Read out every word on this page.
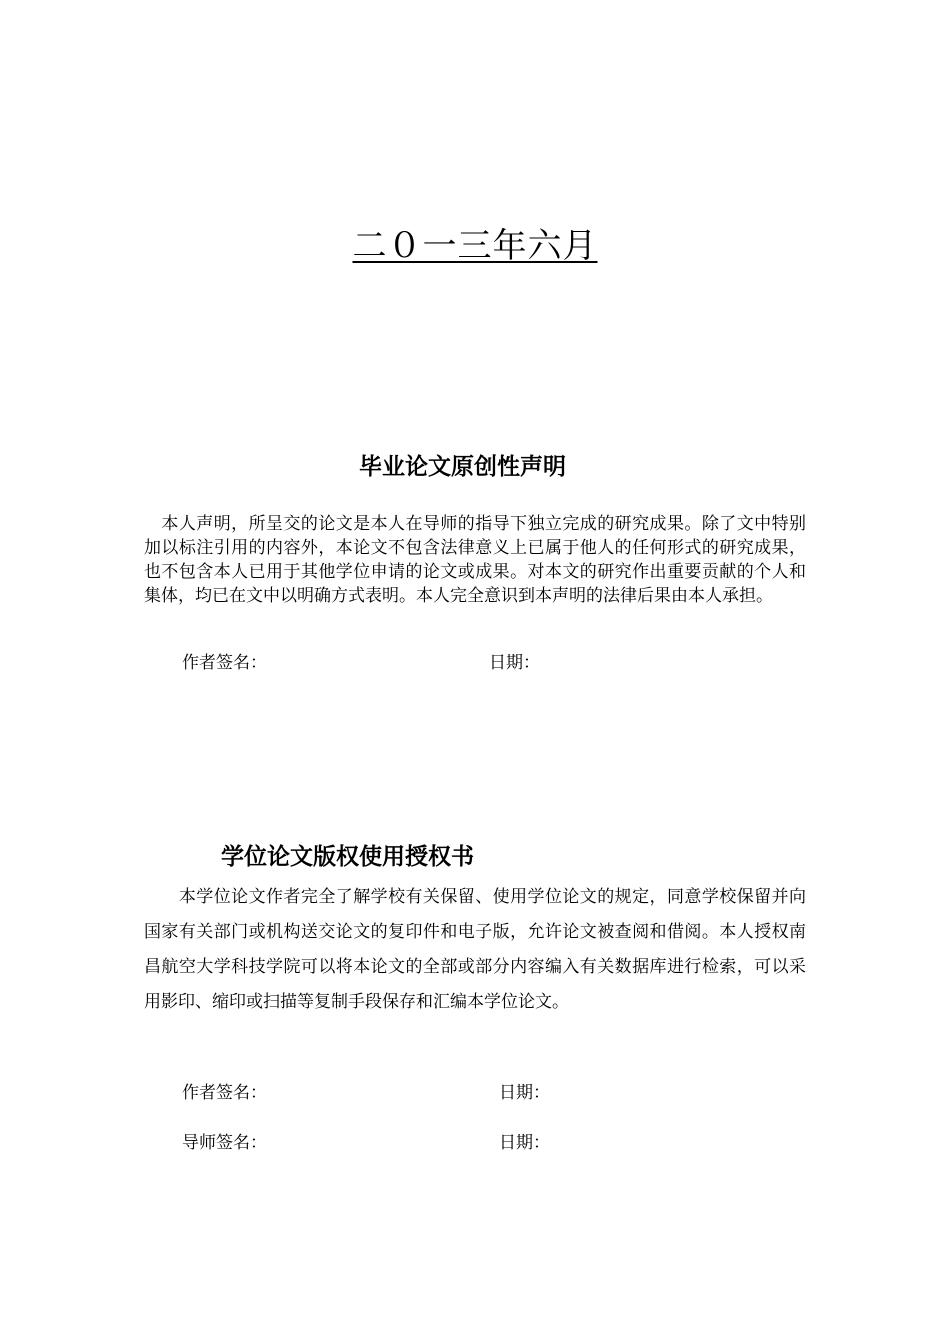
二０一三年六月
毕业论文原创性声明

　本人声明，所呈交的论文是本人在导师的指导下独立完成的研究成果。除了文中特别加以标注引用的内容外，本论文不包含法律意义上已属于他人的任何形式的研究成果，也不包含本人已用于其他学位申请的论文或成果。对本文的研究作出重要贡献的个人和集体，均已在文中以明确方式表明。本人完全意识到本声明的法律后果由本人承担。

作者签名：	日期：
学位论文版权使用授权书

　　本学位论文作者完全了解学校有关保留、使用学位论文的规定，同意学校保留并向国家有关部门或机构送交论文的复印件和电子版，允许论文被查阅和借阅。本人授权南昌航空大学科技学院可以将本论文的全部或部分内容编入有关数据库进行检索，可以采用影印、缩印或扫描等复制手段保存和汇编本学位论文。

作者签名：	日期：
导师签名：	日期：
